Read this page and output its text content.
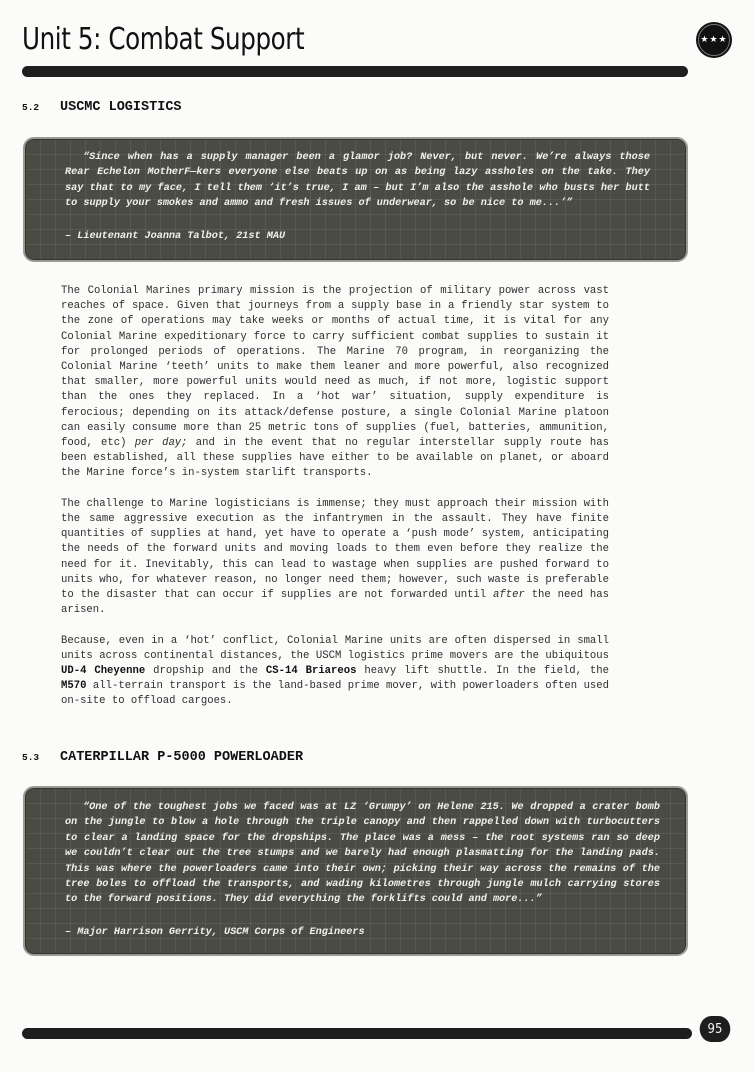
Unit 5: Combat Support	★★★
5.2	USCMC LOGISTICS

“Since when has a supply manager been a glamor job? Never, but never. We’re always those Rear Echelon MotherF—kers everyone else beats up on as being lazy assholes on the take. They say that to my face, I tell them ‘it’s true, I am – but I’m also the asshole who busts her butt to supply your smokes and ammo and fresh issues of underwear, so be nice to me...’”

– Lieutenant Joanna Talbot, 21st MAU

The Colonial Marines primary mission is the projection of military power across vast reaches of space. Given that journeys from a supply base in a friendly star system to the zone of operations may take weeks or months of actual time, it is vital for any Colonial Marine expeditionary force to carry sufficient combat supplies to sustain it for prolonged periods of operations. The Marine 70 program, in reorganizing the Colonial Marine ‘teeth’ units to make them leaner and more powerful, also recognized that smaller, more powerful units would need as much, if not more, logistic support than the ones they replaced. In a ‘hot war’ situation, supply expenditure is ferocious; depending on its attack/defense posture, a single Colonial Marine platoon can easily consume more than 25 metric tons of supplies (fuel, batteries, ammunition, food, etc) per day; and in the event that no regular interstellar supply route has been established, all these supplies have either to be available on planet, or aboard the Marine force’s in-system starlift transports.

The challenge to Marine logisticians is immense; they must approach their mission with the same aggressive execution as the infantrymen in the assault. They have finite quantities of supplies at hand, yet have to operate a ‘push mode’ system, anticipating the needs of the forward units and moving loads to them even before they realize the need for it. Inevitably, this can lead to wastage when supplies are pushed forward to units who, for whatever reason, no longer need them; however, such waste is preferable to the disaster that can occur if supplies are not forwarded until after the need has arisen.

Because, even in a ‘hot’ conflict, Colonial Marine units are often dispersed in small units across continental distances, the USCM logistics prime movers are the ubiquitous UD-4 Cheyenne dropship and the CS-14 Briareos heavy lift shuttle. In the field, the M570 all-terrain transport is the land-based prime mover, with powerloaders often used on-site to offload cargoes.

5.3	CATERPILLAR P-5000 POWERLOADER

“One of the toughest jobs we faced was at LZ ‘Grumpy’ on Helene 215. We dropped a crater bomb on the jungle to blow a hole through the triple canopy and then rappelled down with turbocutters to clear a landing space for the dropships. The place was a mess – the root systems ran so deep we couldn’t clear out the tree stumps and we barely had enough plasmatting for the landing pads. This was where the powerloaders came into their own; picking their way across the remains of the tree boles to offload the transports, and wading kilometres through jungle mulch carrying stores to the forward positions. They did everything the forklifts could and more...”

– Major Harrison Gerrity, USCM Corps of Engineers

95
